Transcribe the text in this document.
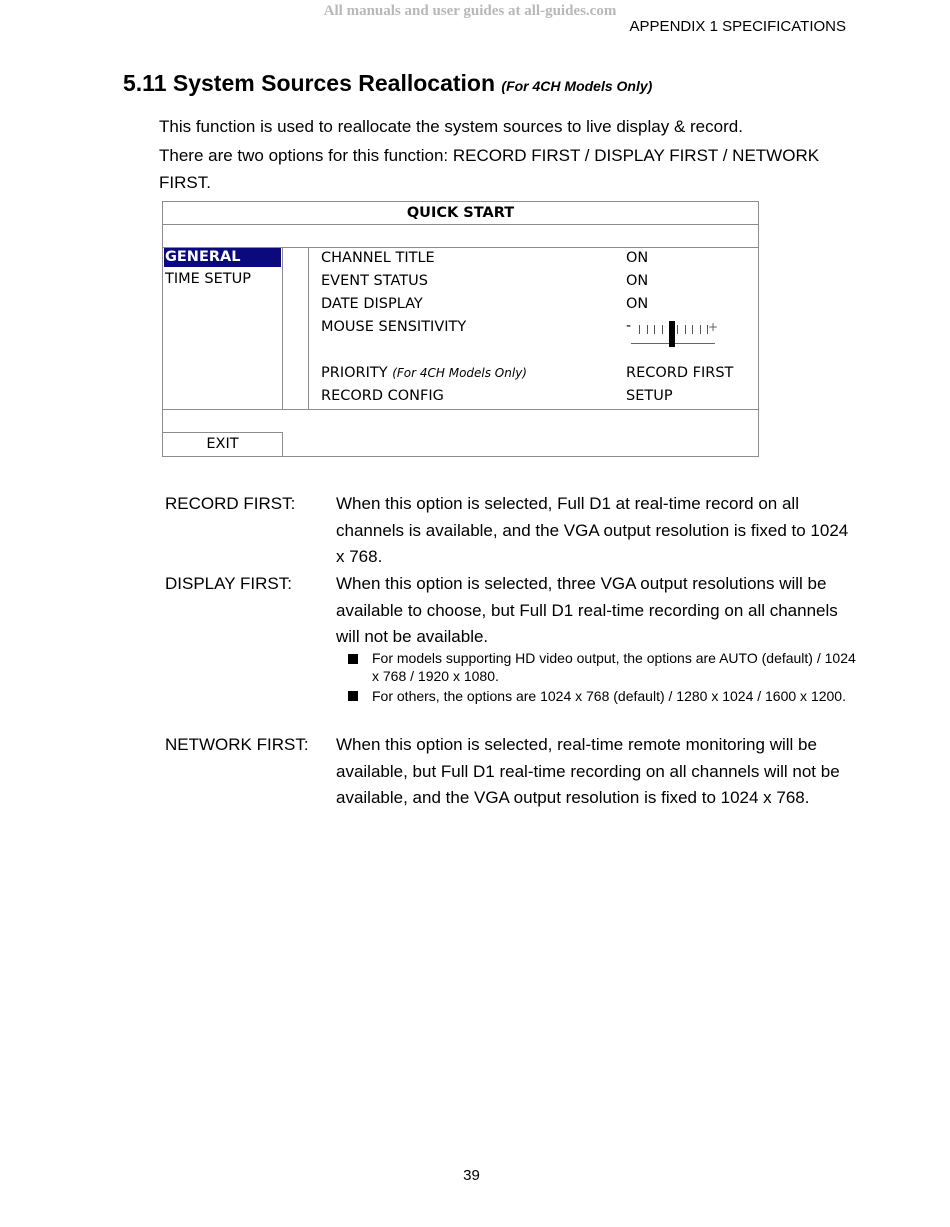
All manuals and user guides at all-guides.com
APPENDIX 1 SPECIFICATIONS
5.11 System Sources Reallocation (For 4CH Models Only)
This function is used to reallocate the system sources to live display & record.
There are two options for this function: RECORD FIRST / DISPLAY FIRST / NETWORK FIRST.
QUICK START
EXIT
GENERAL
TIME SETUP
CHANNEL TITLE	ON
EVENT STATUS	ON
DATE DISPLAY	ON
MOUSE SENSITIVITY	-	+
PRIORITY (For 4CH Models Only)	RECORD FIRST
RECORD CONFIG	SETUP
RECORD FIRST: When this option is selected, Full D1 at real-time record on all channels is available, and the VGA output resolution is fixed to 1024 x 768.
DISPLAY FIRST:	When this option is selected, three VGA output resolutions will be available to choose, but Full D1 real-time recording on all channels will not be available.
For models supporting HD video output, the options are AUTO (default) / 1024 x 768 / 1920 x 1080.
For others, the options are 1024 x 768 (default) / 1280 x 1024 / 1600 x 1200.
NETWORK FIRST: When this option is selected, real-time remote monitoring will be available, but Full D1 real-time recording on all channels will not be available, and the VGA output resolution is fixed to 1024 x 768.
39
